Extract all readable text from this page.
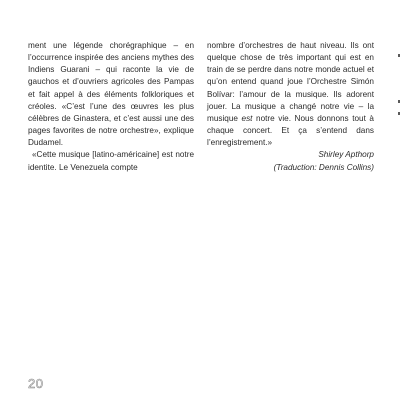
ment une légende chorégraphique – en l’occurrence inspirée des anciens mythes des Indiens Guarani – qui raconte la vie de gauchos et d’ouvriers agricoles des Pampas et fait appel à des éléments folkloriques et créoles. «C’est l’une des œuvres les plus célèbres de Ginastera, et c’est aussi une des pages favorites de notre orchestre», explique Dudamel.

«Cette musique [latino-américaine] est notre identite. Le Venezuela compte

nombre d’orchestres de haut niveau. Ils ont quelque chose de très important qui est en train de se perdre dans notre monde actuel et qu’on entend quand joue l’Orchestre Simón Bolívar: l’amour de la musique. Ils adorent jouer. La musique a changé notre vie – la musique est notre vie. Nous donnons tout à chaque concert. Et ça s’entend dans l’enregistrement.»

Shirley Apthorp

(Traduction: Dennis Collins)

20
